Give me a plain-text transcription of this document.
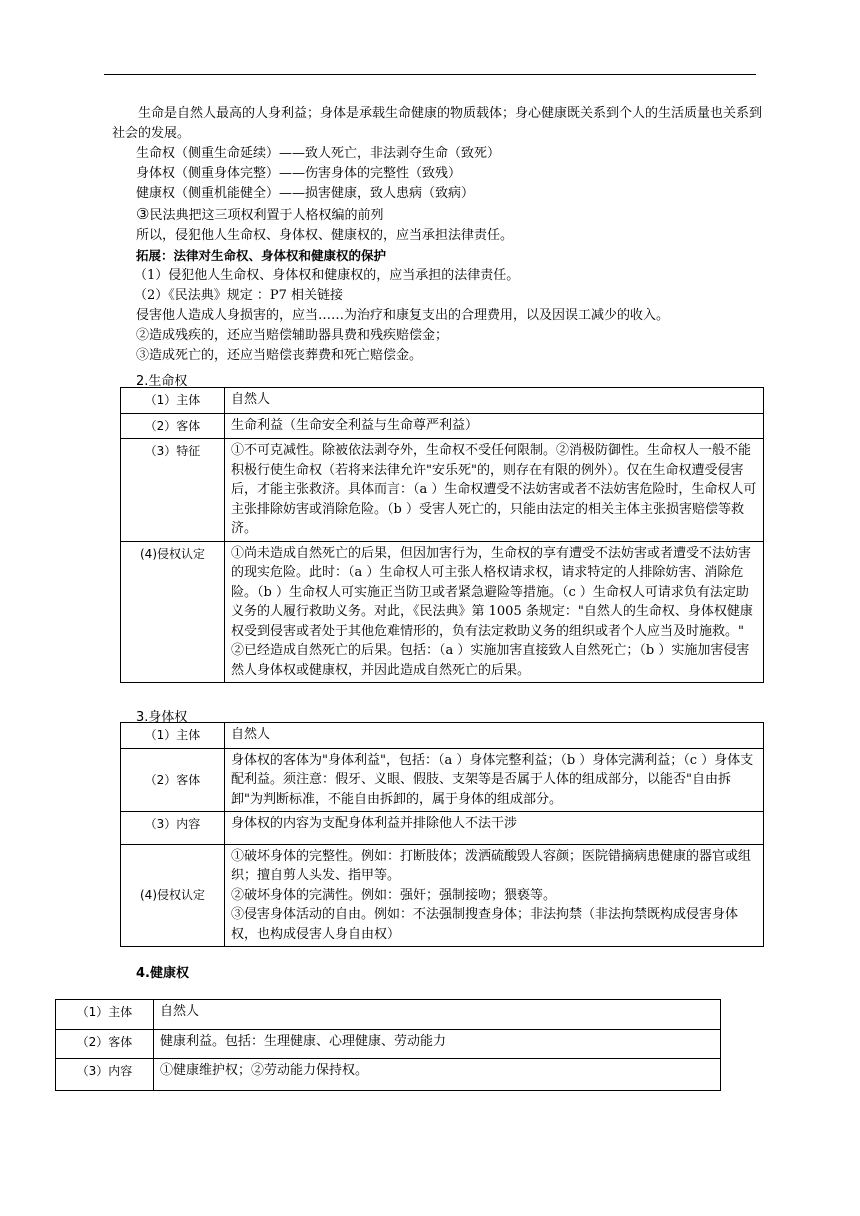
生命是自然人最高的人身利益；身体是承载生命健康的物质载体；身心健康既关系到个人的生活质量也关系到社会的发展。

生命权（侧重生命延续）——致人死亡，非法剥夺生命（致死）

身体权（侧重身体完整）——伤害身体的完整性（致残）

健康权（侧重机能健全）——损害健康，致人患病（致病）

③民法典把这三项权利置于人格权编的前列

所以，侵犯他人生命权、身体权、健康权的，应当承担法律责任。

拓展：法律对生命权、身体权和健康权的保护

（1）侵犯他人生命权、身体权和健康权的，应当承担的法律责任。

（2）《民法典》规定 ：P7 相关链接

侵害他人造成人身损害的，应当……为治疗和康复支出的合理费用，以及因误工减少的收入。

②造成残疾的，还应当赔偿辅助器具费和残疾赔偿金；

③造成死亡的，还应当赔偿丧葬费和死亡赔偿金。

2.生命权
（1）主体	自然人

（2）客体	生命利益（生命安全利益与生命尊严利益）

（3）特征	①不可克减性。除被依法剥夺外，生命权不受任何限制。②消极防御性。生命权人一般不能积极行使生命权（若将来法律允许"安乐死"的，则存在有限的例外）。仅在生命权遭受侵害后，才能主张救济。具体而言：（a ）生命权遭受不法妨害或者不法妨害危险时，生命权人可主张排除妨害或消除危险。（b ）受害人死亡的，只能由法定的相关主体主张损害赔偿等救济。

(4)侵权认定	①尚未造成自然死亡的后果，但因加害行为，生命权的享有遭受不法妨害或者遭受不法妨害的现实危险。此时：（a ）生命权人可主张人格权请求权，请求特定的人排除妨害、消除危险。（b ）生命权人可实施正当防卫或者紧急避险等措施。（c ）生命权人可请求负有法定助义务的人履行救助义务。对此，《民法典》第 1005 条规定："自然人的生命权、身体权健康权受到侵害或者处于其他危难情形的，负有法定救助义务的组织或者个人应当及时施救。"

②已经造成自然死亡的后果。包括：（a ）实施加害直接致人自然死亡；（b ）实施加害侵害然人身体权或健康权，并因此造成自然死亡的后果。

3.身体权
（1）主体	自然人

（2）客体	身体权的客体为"身体利益"，包括：（a ）身体完整利益；（b ）身体完满利益；（c ）身体支配利益。须注意：假牙、义眼、假肢、支架等是否属于人体的组成部分，以能否"自由拆卸"为判断标准，不能自由拆卸的，属于身体的组成部分。

（3）内容	身体权的内容为支配身体利益并排除他人不法干涉

(4)侵权认定	①破坏身体的完整性。例如：打断肢体；泼洒硫酸毁人容颜；医院错摘病患健康的器官或组织；擅自剪人头发、指甲等。

②破坏身体的完满性。例如：强奸；强制接吻；猥亵等。

③侵害身体活动的自由。例如：不法强制搜查身体；非法拘禁（非法拘禁既构成侵害身体权，也构成侵害人身自由权）

4.健康权
（1）主体	自然人

（2）客体	健康利益。包括：生理健康、心理健康、劳动能力

（3）内容	①健康维护权；②劳动能力保持权。
